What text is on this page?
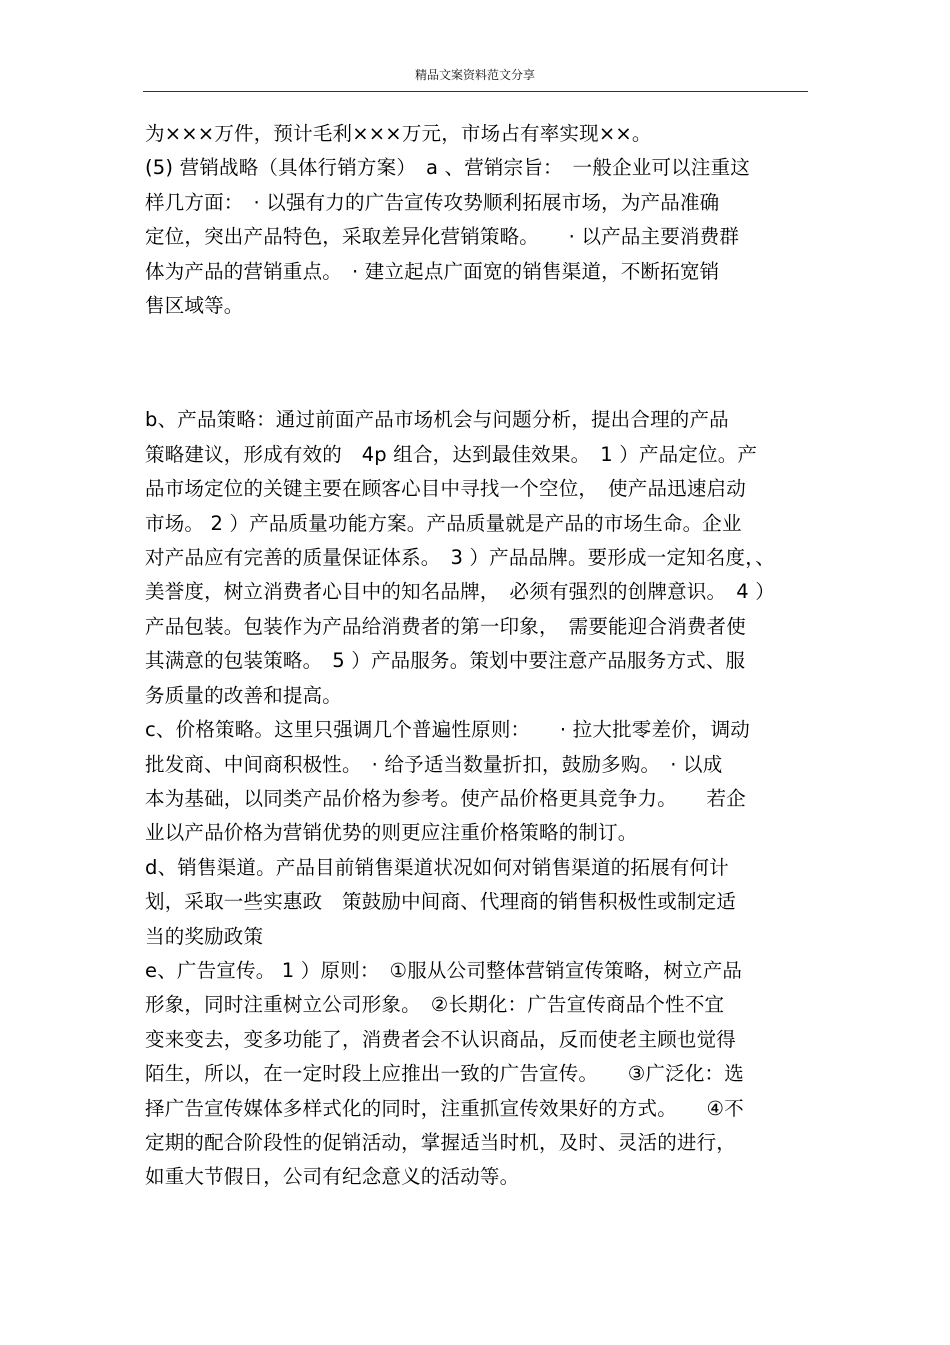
精品文案资料范文分享
为×××万件，预计毛利×××万元，市场占有率实现××。
(5) 营销战略（具体行销方案）　a 、营销宗旨：　一般企业可以注重这
样几方面：　· 以强有力的广告宣传攻势顺利拓展市场，为产品准确
定位，突出产品特色，采取差异化营销策略。　　· 以产品主要消费群
体为产品的营销重点。　· 建立起点广面宽的销售渠道，不断拓宽销
售区域等。
b、产品策略：通过前面产品市场机会与问题分析，提出合理的产品
策略建议，形成有效的　4p 组合，达到最佳效果。　1 ）产品定位。产
品市场定位的关键主要在顾客心目中寻找一个空位，　使产品迅速启动
市场。 2 ）产品质量功能方案。产品质量就是产品的市场生命。企业
对产品应有完善的质量保证体系。　3 ）产品品牌。要形成一定知名度，、
美誉度，树立消费者心目中的知名品牌，　必须有强烈的创牌意识。　4 ）
产品包装。包装作为产品给消费者的第一印象，　需要能迎合消费者使
其满意的包装策略。　5 ）产品服务。策划中要注意产品服务方式、服
务质量的改善和提高。
c、价格策略。这里只强调几个普遍性原则：　　· 拉大批零差价，调动
批发商、中间商积极性。　· 给予适当数量折扣，鼓励多购。　· 以成
本为基础，以同类产品价格为参考。使产品价格更具竞争力。　　若企
业以产品价格为营销优势的则更应注重价格策略的制订。
d、销售渠道。产品目前销售渠道状况如何对销售渠道的拓展有何计
划，采取一些实惠政　策鼓励中间商、代理商的销售积极性或制定适
当的奖励政策
e、广告宣传。 1 ）原则：　①服从公司整体营销宣传策略，树立产品
形象，同时注重树立公司形象。　②长期化：广告宣传商品个性不宜
变来变去，变多功能了，消费者会不认识商品，反而使老主顾也觉得
陌生，所以，在一定时段上应推出一致的广告宣传。　　③广泛化：选
择广告宣传媒体多样式化的同时，注重抓宣传效果好的方式。　　④不
定期的配合阶段性的促销活动，掌握适当时机，及时、灵活的进行，
如重大节假日，公司有纪念意义的活动等。
